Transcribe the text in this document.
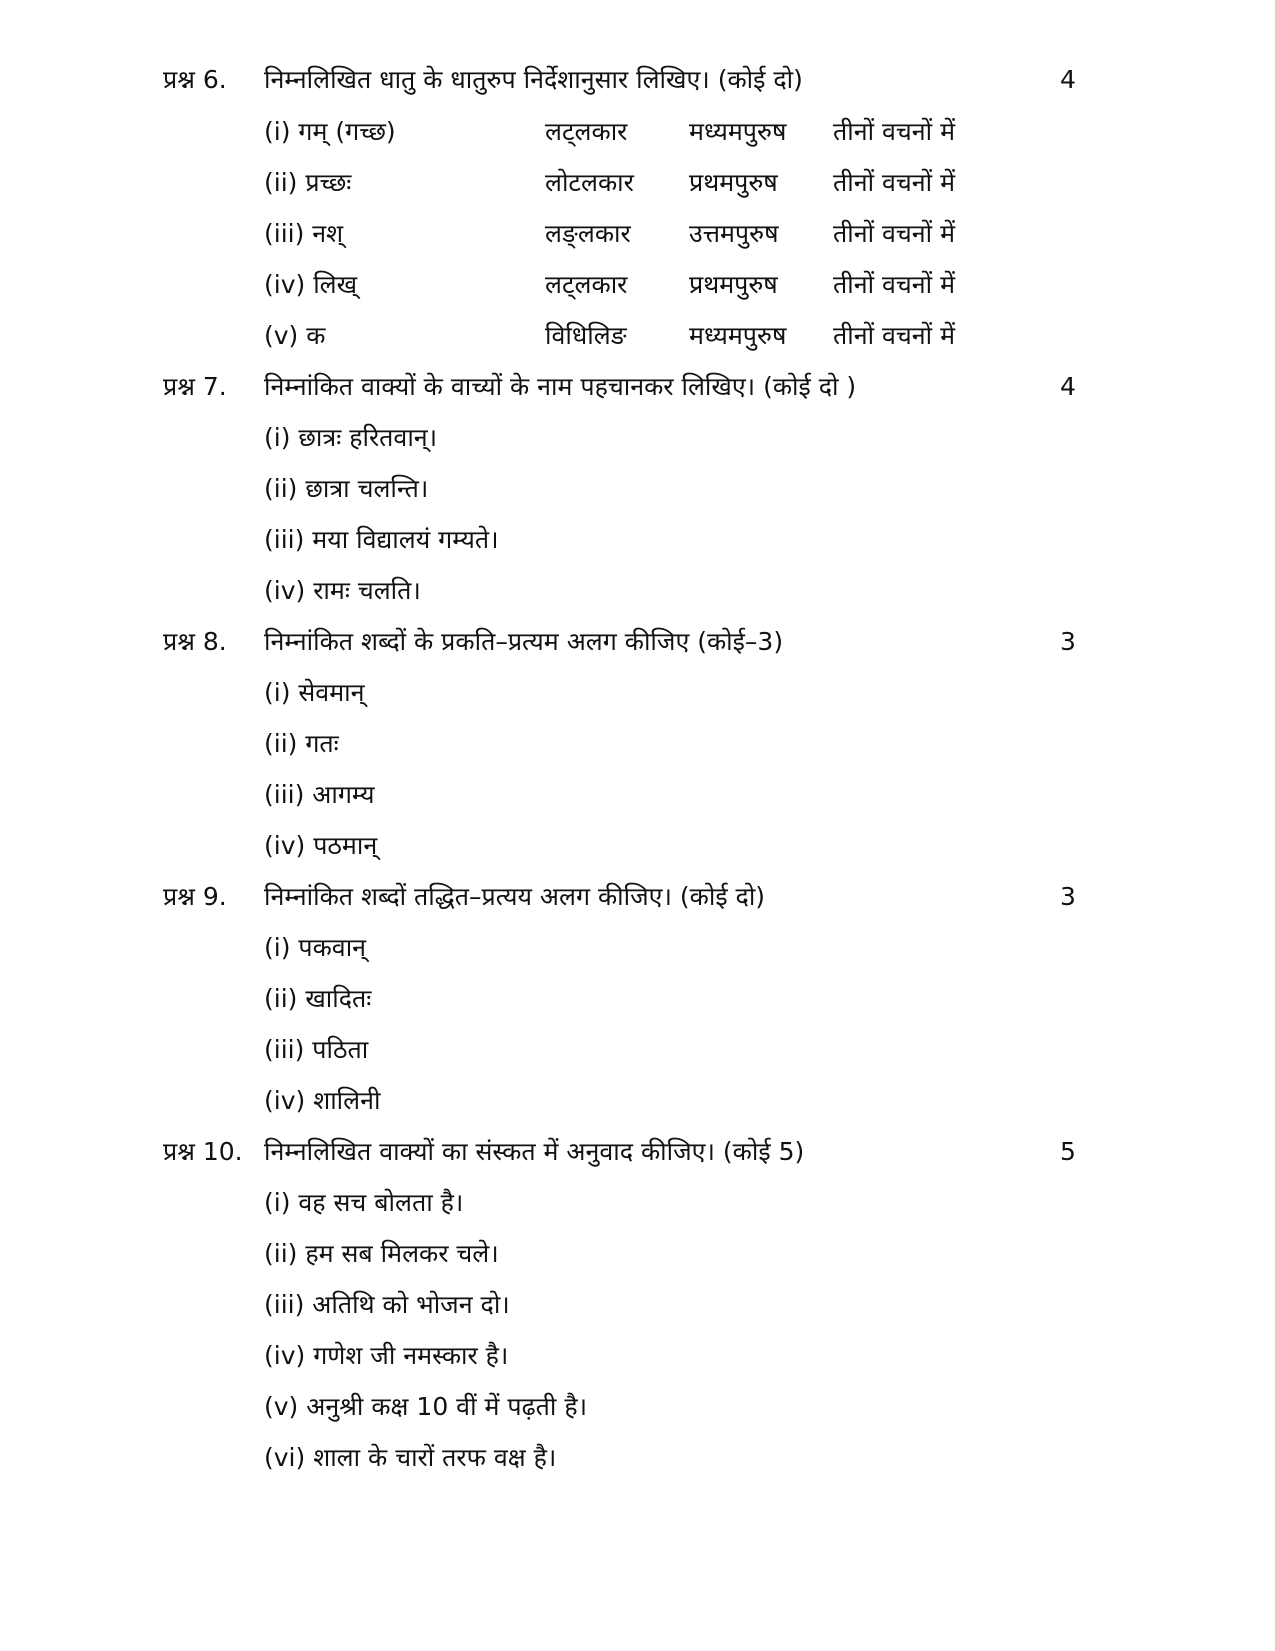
प्रश्न 6. निम्नलिखित धातु के धातुरुप निर्देशानुसार लिखिए। (कोई दो)	4
(i) गम् (गच्छ)	लट्लकार मध्यमपुरुष तीनों वचनों में
(ii) प्रच्छः	लोटलकार प्रथमपुरुष तीनों वचनों में
(iii) नश्	लङ्लकार उत्तमपुरुष तीनों वचनों में
(iv) लिख्	लट्लकार प्रथमपुरुष तीनों वचनों में
(v) क	विधिलिङ मध्यमपुरुष तीनों वचनों में
प्रश्न 7. निम्नांकित वाक्यों के वाच्यों के नाम पहचानकर लिखिए। (कोई दो )	4
(i) छात्रः हरितवान्।
(ii) छात्रा चलन्ति।
(iii) मया विद्यालयं गम्यते।
(iv) रामः चलति।
प्रश्न 8. निम्नांकित शब्दों के प्रकति–प्रत्यम अलग कीजिए (कोई–3)	3
(i) सेवमान्
(ii) गतः
(iii) आगम्य
(iv) पठमान्
प्रश्न 9. निम्नांकित शब्दों तद्धित–प्रत्यय अलग कीजिए। (कोई दो)	3
(i) पकवान्
(ii) खादितः
(iii) पठिता
(iv) शालिनी
प्रश्न 10. निम्नलिखित वाक्यों का संस्कत में अनुवाद कीजिए। (कोई 5)	5
(i) वह सच बोलता है।
(ii) हम सब मिलकर चले।
(iii) अतिथि को भोजन दो।
(iv) गणेश जी नमस्कार है।
(v) अनुश्री कक्ष 10 वीं में पढ़ती है।
(vi) शाला के चारों तरफ वक्ष है।
